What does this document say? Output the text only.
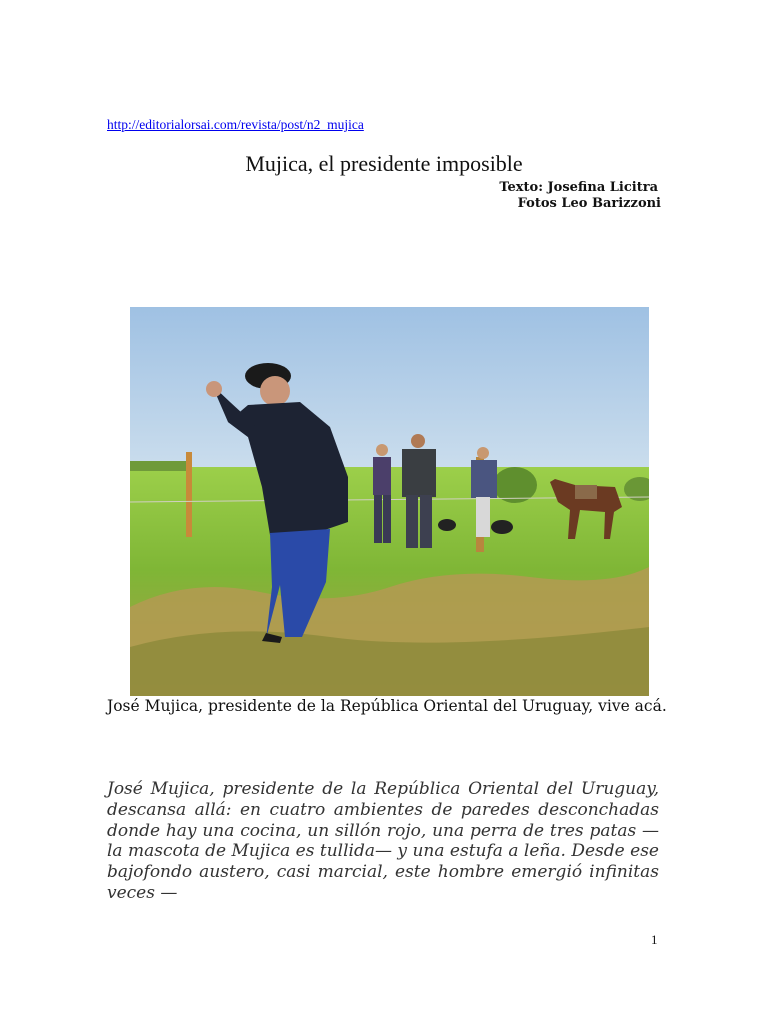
http://editorialorsai.com/revista/post/n2_mujica
Mujica, el presidente imposible
Texto: Josefina Licitra
Fotos Leo Barizzoni
José Mujica, presidente de la República Oriental del Uruguay, vive acá.

José Mujica, presidente de la República Oriental del Uruguay, descansa allá: en cuatro ambientes de paredes desconchadas donde hay una cocina, un sillón rojo, una perra de tres patas —la mascota de Mujica es tullida— y una estufa a leña. Desde ese bajofondo austero, casi marcial, este hombre emergió infinitas veces —

1
